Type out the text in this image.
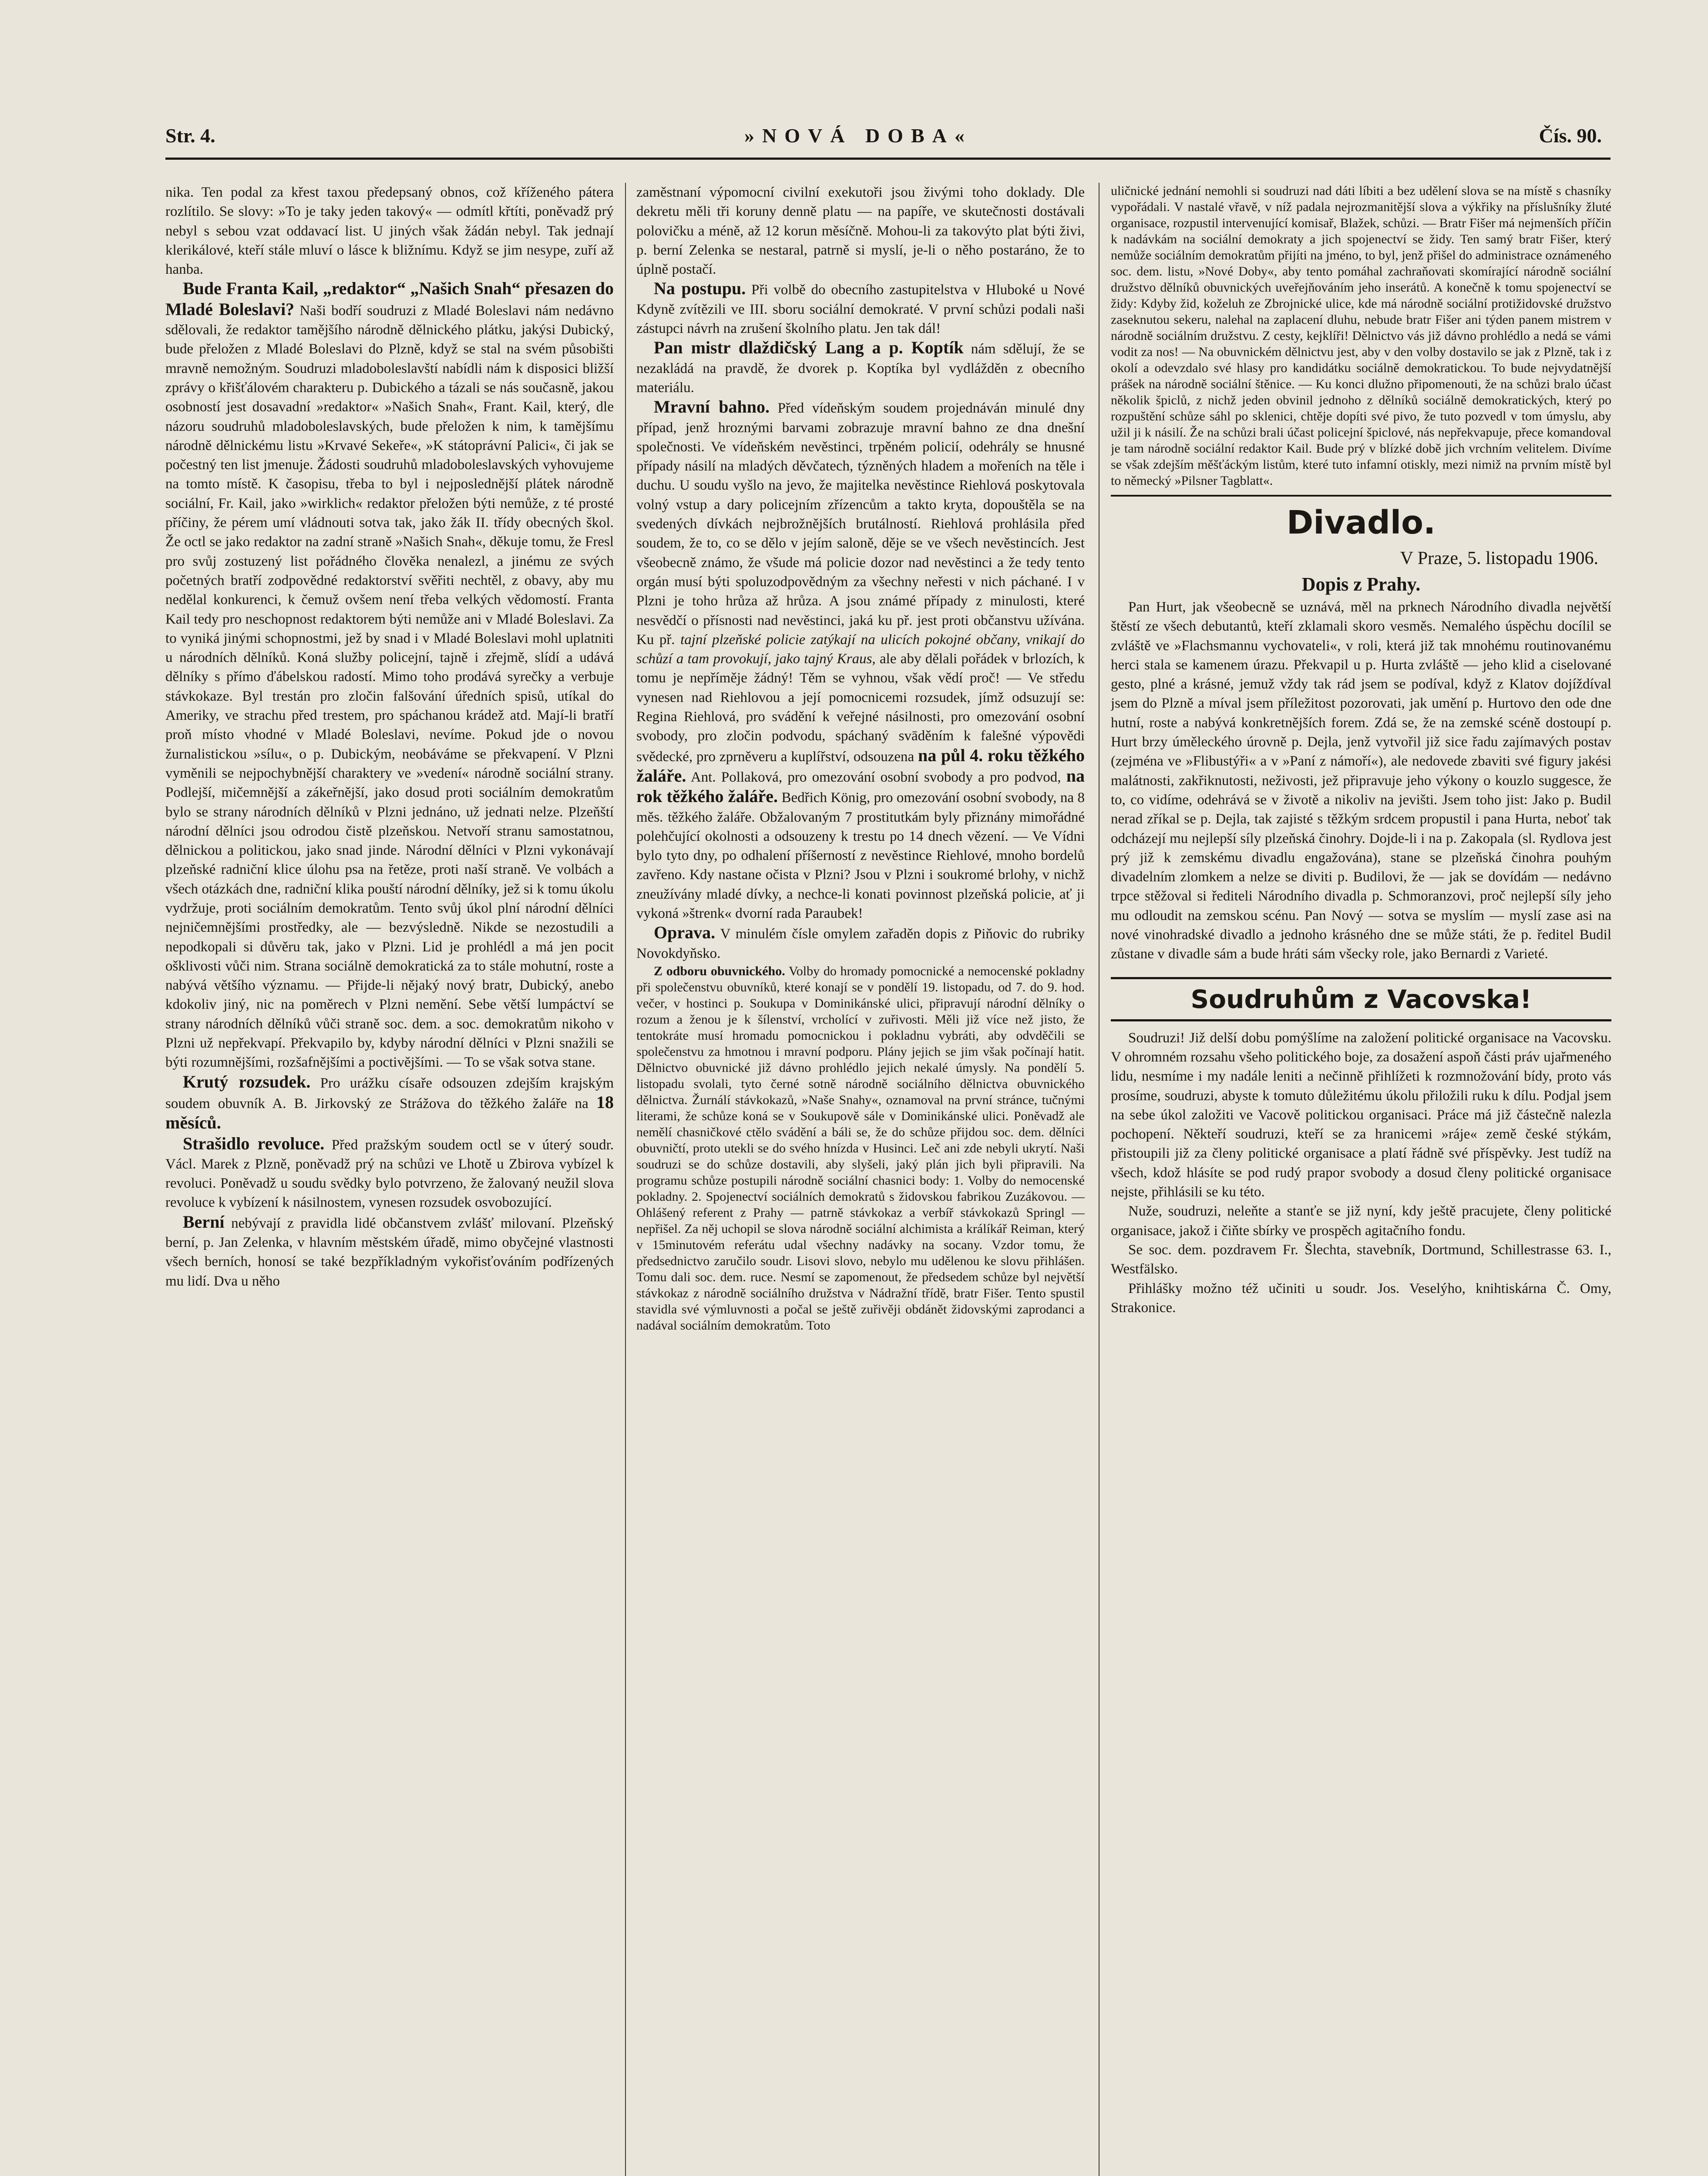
Str. 4.	»NOVÁ DOBA«	Čís. 90.

nika. Ten podal za křest taxou předepsaný obnos, což kříženého pátera rozlítilo. Se slovy: »To je taky jeden takový« — odmítl křtíti, poněvadž prý nebyl s sebou vzat oddavací list. U jiných však žádán nebyl. Tak jednají klerikálové, kteří stále mluví o lásce k bližnímu. Když se jim nesype, zuří až hanba.

Bude Franta Kail, „redaktor“ „Našich Snah“ přesazen do Mladé Boleslavi? Naši bodří soudruzi z Mladé Boleslavi nám nedávno sdělovali, že redaktor tamějšího národně dělnického plátku, jakýsi Dubický, bude přeložen z Mladé Boleslavi do Plzně, když se stal na svém působišti mravně nemožným. Soudruzi mladoboleslavští nabídli nám k disposici bližší zprávy o křišťálovém charakteru p. Dubického a tázali se nás současně, jakou osobností jest dosavadní »redaktor« »Našich Snah«, Frant. Kail, který, dle názoru soudruhů mladoboleslavských, bude přeložen k nim, k tamějšímu národně dělnickému listu »Krvavé Sekeře«, »K státoprávní Palici«, či jak se počestný ten list jmenuje. Žádosti soudruhů mladoboleslavských vyhovujeme na tomto místě. K časopisu, třeba to byl i nejposlednější plátek národně sociální, Fr. Kail, jako »wirklich« redaktor přeložen býti nemůže, z té prosté příčiny, že pérem umí vládnouti sotva tak, jako žák II. třídy obecných škol. Že octl se jako redaktor na zadní straně »Našich Snah«, děkuje tomu, že Fresl pro svůj zostuzený list pořádného člověka nenalezl, a jinému ze svých početných bratří zodpovědné redaktorství svěřiti nechtěl, z obavy, aby mu nedělal konkurenci, k čemuž ovšem není třeba velkých vědomostí. Franta Kail tedy pro neschopnost redaktorem býti nemůže ani v Mladé Boleslavi. Za to vyniká jinými schopnostmi, jež by snad i v Mladé Boleslavi mohl uplatniti u národních dělníků. Koná služby policejní, tajně i zřejmě, slídí a udává dělníky s přímo ďábelskou radostí. Mimo toho prodává syrečky a verbuje stávkokaze. Byl trestán pro zločin falšování úředních spisů, utíkal do Ameriky, ve strachu před trestem, pro spáchanou krádež atd. Mají-li bratří proň místo vhodné v Mladé Boleslavi, nevíme. Pokud jde o novou žurnalistickou »sílu«, o p. Dubickým, neobáváme se překvapení. V Plzni vyměnili se nejpochybnější charaktery ve »vedení« národně sociální strany. Podlejší, mičemnější a zákeřnější, jako dosud proti sociálním demokratům bylo se strany národních dělníků v Plzni jednáno, už jednati nelze. Plzeňští národní dělníci jsou odrodou čistě plzeňskou. Netvoří stranu samostatnou, dělnickou a politickou, jako snad jinde. Národní dělníci v Plzni vykonávají plzeňské radniční klice úlohu psa na řetěze, proti naší straně. Ve volbách a všech otázkách dne, radniční klika pouští národní dělníky, jež si k tomu úkolu vydržuje, proti sociálním demokratům. Tento svůj úkol plní národní dělníci nejničemnějšími prostředky, ale — bezvýsledně. Nikde se nezostudili a nepodkopali si důvěru tak, jako v Plzni. Lid je prohlédl a má jen pocit ošklivosti vůči nim. Strana sociálně demokratická za to stále mohutní, roste a nabývá většího významu. — Přijde-li nějaký nový bratr, Dubický, anebo kdokoliv jiný, nic na poměrech v Plzni nemění. Sebe větší lumpáctví se strany národních dělníků vůči straně soc. dem. a soc. demokratům nikoho v Plzni už nepřekvapí. Překvapilo by, kdyby národní dělníci v Plzni snažili se býti rozumnějšími, rozšafnějšími a poctivějšími. — To se však sotva stane.

Krutý rozsudek. Pro urážku císaře odsouzen zdejším krajským soudem obuvník A. B. Jirkovský ze Strážova do těžkého žaláře na 18 měsíců.

Strašidlo revoluce. Před pražským soudem octl se v úterý soudr. Václ. Marek z Plzně, poněvadž prý na schůzi ve Lhotě u Zbirova vybízel k revoluci. Poněvadž u soudu svědky bylo potvrzeno, že žalovaný neužil slova revoluce k vybízení k násilnostem, vynesen rozsudek osvobozující.

Berní nebývají z pravidla lidé občanstvem zvlášť milovaní. Plzeňský berní, p. Jan Zelenka, v hlavním městském úřadě, mimo obyčejné vlastnosti všech berních, honosí se také bezpříkladným vykořisťováním podřízených mu lidí. Dva u něho

zaměstnaní výpomocní civilní exekutoři jsou živými toho doklady. Dle dekretu měli tři koruny denně platu — na papíře, ve skutečnosti dostávali polovičku a méně, až 12 korun měsíčně. Mohou-li za takovýto plat býti živi, p. berní Zelenka se nestaral, patrně si myslí, je-li o něho postaráno, že to úplně postačí.

Na postupu. Při volbě do obecního zastupitelstva v Hluboké u Nové Kdyně zvítězili ve III. sboru sociální demokraté. V první schůzi podali naši zástupci návrh na zrušení školního platu. Jen tak dál!

Pan mistr dlaždičský Lang a p. Koptík nám sdělují, že se nezakládá na pravdě, že dvorek p. Koptíka byl vydlážděn z obecního materiálu.

Mravní bahno. Před vídeňským soudem projednáván minulé dny případ, jenž hroznými barvami zobrazuje mravní bahno ze dna dnešní společnosti. Ve vídeňském nevěstinci, trpěném policií, odehrály se hnusné případy násilí na mladých děvčatech, týzněných hladem a mořeních na těle i duchu. U soudu vyšlo na jevo, že majitelka nevěstince Riehlová poskytovala volný vstup a dary policejním zřízencům a takto kryta, dopouštěla se na svedených dívkách nejbrožnějších brutálností. Riehlová prohlásila před soudem, že to, co se dělo v jejím saloně, děje se ve všech nevěstincích. Jest všeobecně známo, že všude má policie dozor nad nevěstinci a že tedy tento orgán musí býti spoluzodpovědným za všechny neřesti v nich páchané. I v Plzni je toho hrůza až hrůza. A jsou známé případy z minulosti, které nesvědčí o přísnosti nad nevěstinci, jaká ku př. jest proti občanstvu užívána. Ku př. tajní plzeňské policie zatýkají na ulicích pokojné občany, vnikají do schůzí a tam provokují, jako tajný Kraus, ale aby dělali pořádek v brlozích, k tomu je nepříměje žádný! Těm se vyhnou, však vědí proč! — Ve středu vynesen nad Riehlovou a její pomocnicemi rozsudek, jímž odsuzují se: Regina Riehlová, pro svádění k veřejné násilnosti, pro omezování osobní svobody, pro zločin podvodu, spáchaný svāděním k falešné výpovědi svědecké, pro zprněveru a kuplířství, odsouzena na půl 4. roku těžkého žaláře. Ant. Pollaková, pro omezování osobní svobody a pro podvod, na rok těžkého žaláře. Bedřich König, pro omezování osobní svobody, na 8 měs. těžkého žaláře. Obžalovaným 7 prostitutkám byly přiznány mimořádné polehčující okolnosti a odsouzeny k trestu po 14 dnech vězení. — Ve Vídni bylo tyto dny, po odhalení příšerností z nevěstince Riehlové, mnoho bordelů zavřeno. Kdy nastane očista v Plzni? Jsou v Plzni i soukromé brlohy, v nichž zneužívány mladé dívky, a nechce-li konati povinnost plzeňská policie, ať ji vykoná »štrenk« dvorní rada Paraubek!

Oprava. V minulém čísle omylem zařaděn dopis z Piňovic do rubriky Novokdyňsko.

Z odboru obuvnického. Volby do hromady pomocnické a nemocenské pokladny při společenstvu obuvníků, které konají se v pondělí 19. listopadu, od 7. do 9. hod. večer, v hostinci p. Soukupa v Dominikánské ulici, připravují národní dělníky o rozum a ženou je k šílenství, vrcholící v zuřivosti. Měli již více než jisto, že tentokráte musí hromadu pomocnickou i pokladnu vybráti, aby odvděčili se společenstvu za hmotnou i mravní podporu. Plány jejich se jim však počínají hatit. Dělnictvo obuvnické již dávno prohlédlo jejich nekalé úmysly. Na pondělí 5. listopadu svolali, tyto černé sotně národně sociálního dělnictva obuvnického dělnictva. Žurnálí stávkokazů, »Naše Snahy«, oznamoval na první stránce, tučnými literami, že schůze koná se v Soukupově sále v Dominikánské ulici. Poněvadž ale nemělí chasničkové ctělo svádění a báli se, že do schůze přijdou soc. dem. dělníci obuvničtí, proto utekli se do svého hnízda v Husinci. Leč ani zde nebyli ukrytí. Naši soudruzi se do schůze dostavili, aby slyšeli, jaký plán jich byli připravili. Na programu schůze postupili národně sociální chasnici body: 1. Volby do nemocenské pokladny. 2. Spojenectví sociálních demokratů s židovskou fabrikou Zuzákovou. — Ohlášený referent z Prahy — patrně stávkokaz a verbíř stávkokazů Springl — nepřišel. Za něj uchopil se slova národně sociální alchimista a králíkář Reiman, který v 15minutovém referátu udal všechny nadávky na socany. Vzdor tomu, že předsednictvo zaručilo soudr. Lisovi slovo, nebylo mu udělenou ke slovu přihlášen. Tomu dali soc. dem. ruce. Nesmí se zapomenout, že předsedem schůze byl největší stávkokaz z národně sociálního družstva v Nádražní třídě, bratr Fišer. Tento spustil stavidla své výmluvnosti a počal se ještě zuřivěji obdánět židovskými zaprodanci a nadával sociálním demokratům. Toto

uličnické jednání nemohli si soudruzi nad dáti líbiti a bez udělení slova se na místě s chasníky vypořádali. V nastalé vřavě, v níž padala nejrozmanitější slova a výkřiky na příslušníky žluté organisace, rozpustil intervenující komisař, Blažek, schůzi. — Bratr Fišer má nejmenších příčin k nadávkám na sociální demokraty a jich spojenectví se židy. Ten samý bratr Fišer, který nemůže sociálním demokratům přijíti na jméno, to byl, jenž přišel do administrace oznámeného soc. dem. listu, »Nové Doby«, aby tento pomáhal zachraňovati skomírající národně sociální družstvo dělníků obuvnických uveřejňováním jeho inserátů. A konečně k tomu spojenectví se židy: Kdyby žid, koželuh ze Zbrojnické ulice, kde má národně sociální protižidovské družstvo zaseknutou sekeru, nalehal na zaplacení dluhu, nebude bratr Fišer ani týden panem mistrem v národně sociálním družstvu. Z cesty, kejklíři! Dělnictvo vás již dávno prohlédlo a nedá se vámi vodit za nos! — Na obuvnickém dělnictvu jest, aby v den volby dostavilo se jak z Plzně, tak i z okolí a odevzdalo své hlasy pro kandidátku sociálně demokratickou. To bude nejvydatnější prášek na národně sociální štěnice. — Ku konci dlužno připomenouti, že na schůzi bralo účast několik špiclů, z nichž jeden obvinil jednoho z dělníků sociálně demokratických, který po rozpuštění schůze sáhl po sklenici, chtěje dopíti své pivo, že tuto pozvedl v tom úmyslu, aby užil ji k násilí. Že na schůzi brali účast policejní špiclové, nás nepřekvapuje, přece komandoval je tam národně sociální redaktor Kail. Bude prý v blízké době jich vrchním velitelem. Divíme se však zdejším měšťáckým listům, které tuto infamní otiskly, mezi nimiž na prvním místě byl to německý »Pilsner Tagblatt«.

Divadlo.
V Praze, 5. listopadu 1906.
Dopis z Prahy.

Pan Hurt, jak všeobecně se uznává, měl na prknech Národního divadla největší štěstí ze všech debutantů, kteří zklamali skoro vesměs. Nemalého úspěchu docílil se zvláště ve »Flachsmannu vychovateli«, v roli, která již tak mnohému routinovanému herci stala se kamenem úrazu. Překvapil u p. Hurta zvláště — jeho klid a ciselované gesto, plné a krásné, jemuž vždy tak rád jsem se podíval, když z Klatov dojíždíval jsem do Plzně a míval jsem příležitost pozorovati, jak umění p. Hurtovo den ode dne hutní, roste a nabývá konkretnějších forem. Zdá se, že na zemské scéně dostoupí p. Hurt brzy úměleckého úrovně p. Dejla, jenž vytvořil již sice řadu zajímavých postav (zejména ve »Flibustýři« a v »Paní z námoří«), ale nedovede zbaviti své figury jakési malátnosti, zakřiknutosti, neživosti, jež připravuje jeho výkony o kouzlo suggesce, že to, co vidíme, odehrává se v životě a nikoliv na jevišti. Jsem toho jist: Jako p. Budil nerad zříkal se p. Dejla, tak zajisté s těžkým srdcem propustil i pana Hurta, neboť tak odcházejí mu nejlepší síly plzeňská činohry. Dojde-li i na p. Zakopala (sl. Rydlova jest prý již k zemskému divadlu engažována), stane se plzeňská činohra pouhým divadelním zlomkem a nelze se diviti p. Budilovi, že — jak se dovídám — nedávno trpce stěžoval si řediteli Národního divadla p. Schmoranzovi, proč nejlepší síly jeho mu odloudit na zemskou scénu. Pan Nový — sotva se myslím — myslí zase asi na nové vinohradské divadlo a jednoho krásného dne se může státi, že p. ředitel Budil zůstane v divadle sám a bude hráti sám všecky role, jako Bernardi z Varieté.

Soudruhům z Vacovska!

Soudruzi! Již delší dobu pomýšlíme na založení politické organisace na Vacovsku. V ohromném rozsahu všeho politického boje, za dosažení aspoň části práv ujařmeného lidu, nesmíme i my nadále leniti a nečinně přihlížeti k rozmnožování bídy, proto vás prosíme, soudruzi, abyste k tomuto důležitému úkolu přiložili ruku k dílu. Podjal jsem na sebe úkol založiti ve Vacově politickou organisaci. Práce má již částečně nalezla pochopení. Někteří soudruzi, kteří se za hranicemi »ráje« země české stýkám, přistoupili již za členy politické organisace a platí řádně své příspěvky. Jest tudíž na všech, kdož hlásíte se pod rudý prapor svobody a dosud členy politické organisace nejste, přihlásili se ku této.

Nuže, soudruzi, neleňte a stanťe se již nyní, kdy ještě pracujete, členy politické organisace, jakož i čiňte sbírky ve prospěch agitačního fondu.

Se soc. dem. pozdravem Fr. Šlechta, stavebník, Dortmund, Schillestrasse 63. I., Westfälsko.

Přihlášky možno též učiniti u soudr. Jos. Veselýho, knihtiskárna Č. Omy, Strakonice.
